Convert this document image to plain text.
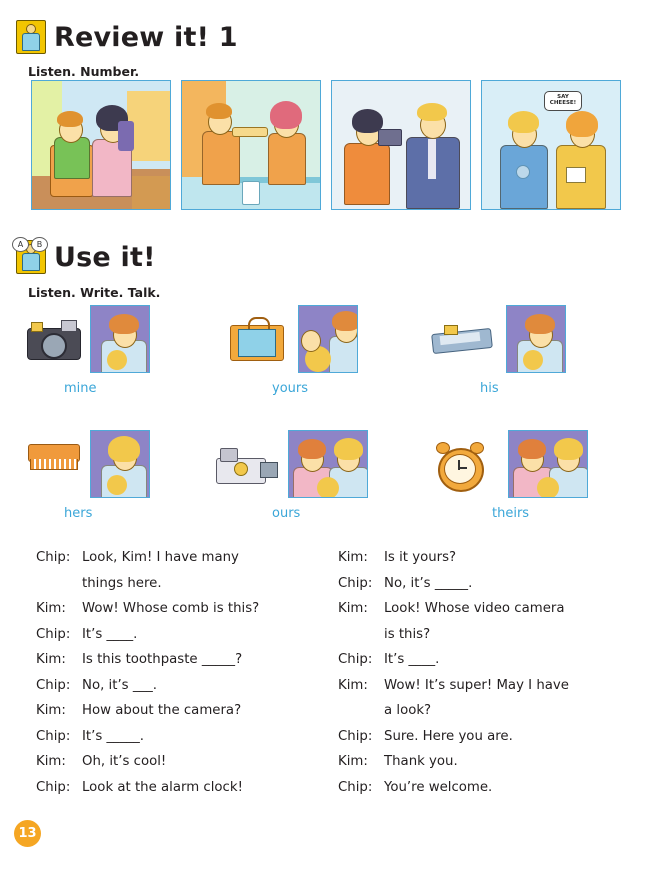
Review it! 1
Listen. Number.
SAY CHEESE!
A	B Use it!
Listen. Write. Talk.
mine	yours	his
hers	ours	theirs
Chip: Look, Kim! I have many
things here.
Kim:	Wow! Whose comb is this?
Chip: It’s ____.
Kim:	Is this toothpaste _____?
Chip: No, it’s ___.
Kim:	How about the camera?
Chip: It’s _____.
Kim:	Oh, it’s cool!
Chip: Look at the alarm clock!
Kim:	Is it yours?
Chip: No, it’s _____.
Kim:	Look! Whose video camera
is this?
Chip: It’s ____.
Kim:	Wow! It’s super! May I have
a look?
Chip: Sure. Here you are.
Kim:	Thank you.
Chip: You’re welcome.
13
